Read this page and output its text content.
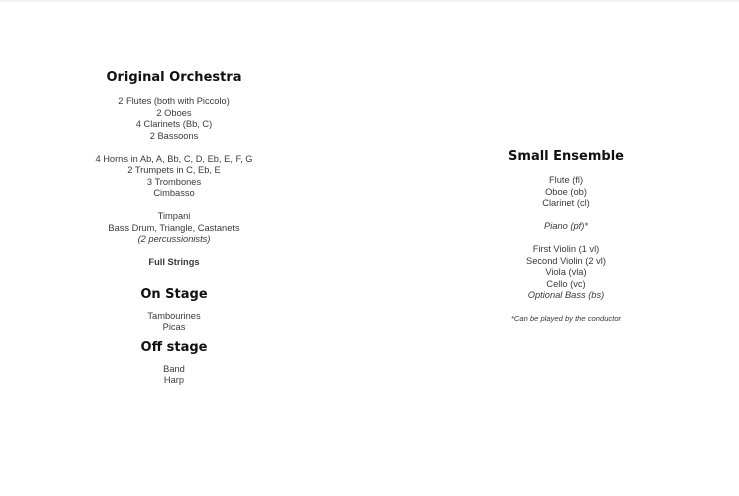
Original Orchestra
2 Flutes (both with Piccolo)
2 Oboes
4 Clarinets (Bb, C)
2 Bassoons
4 Horns in Ab, A, Bb, C, D, Eb, E, F, G
2 Trumpets in C, Eb, E
3 Trombones
Cimbasso
Timpani
Bass Drum, Triangle, Castanets
(2 percussionists)
Full Strings
On Stage
Tambourines
Picas
Off stage
Band
Harp
Small Ensemble
Flute (fl)
Oboe (ob)
Clarinet (cl)
Piano (pf)*
First Violin (1 vl)
Second Violin (2 vl)
Viola (vla)
Cello (vc)
Optional Bass (bs)
*Can be played by the conductor
